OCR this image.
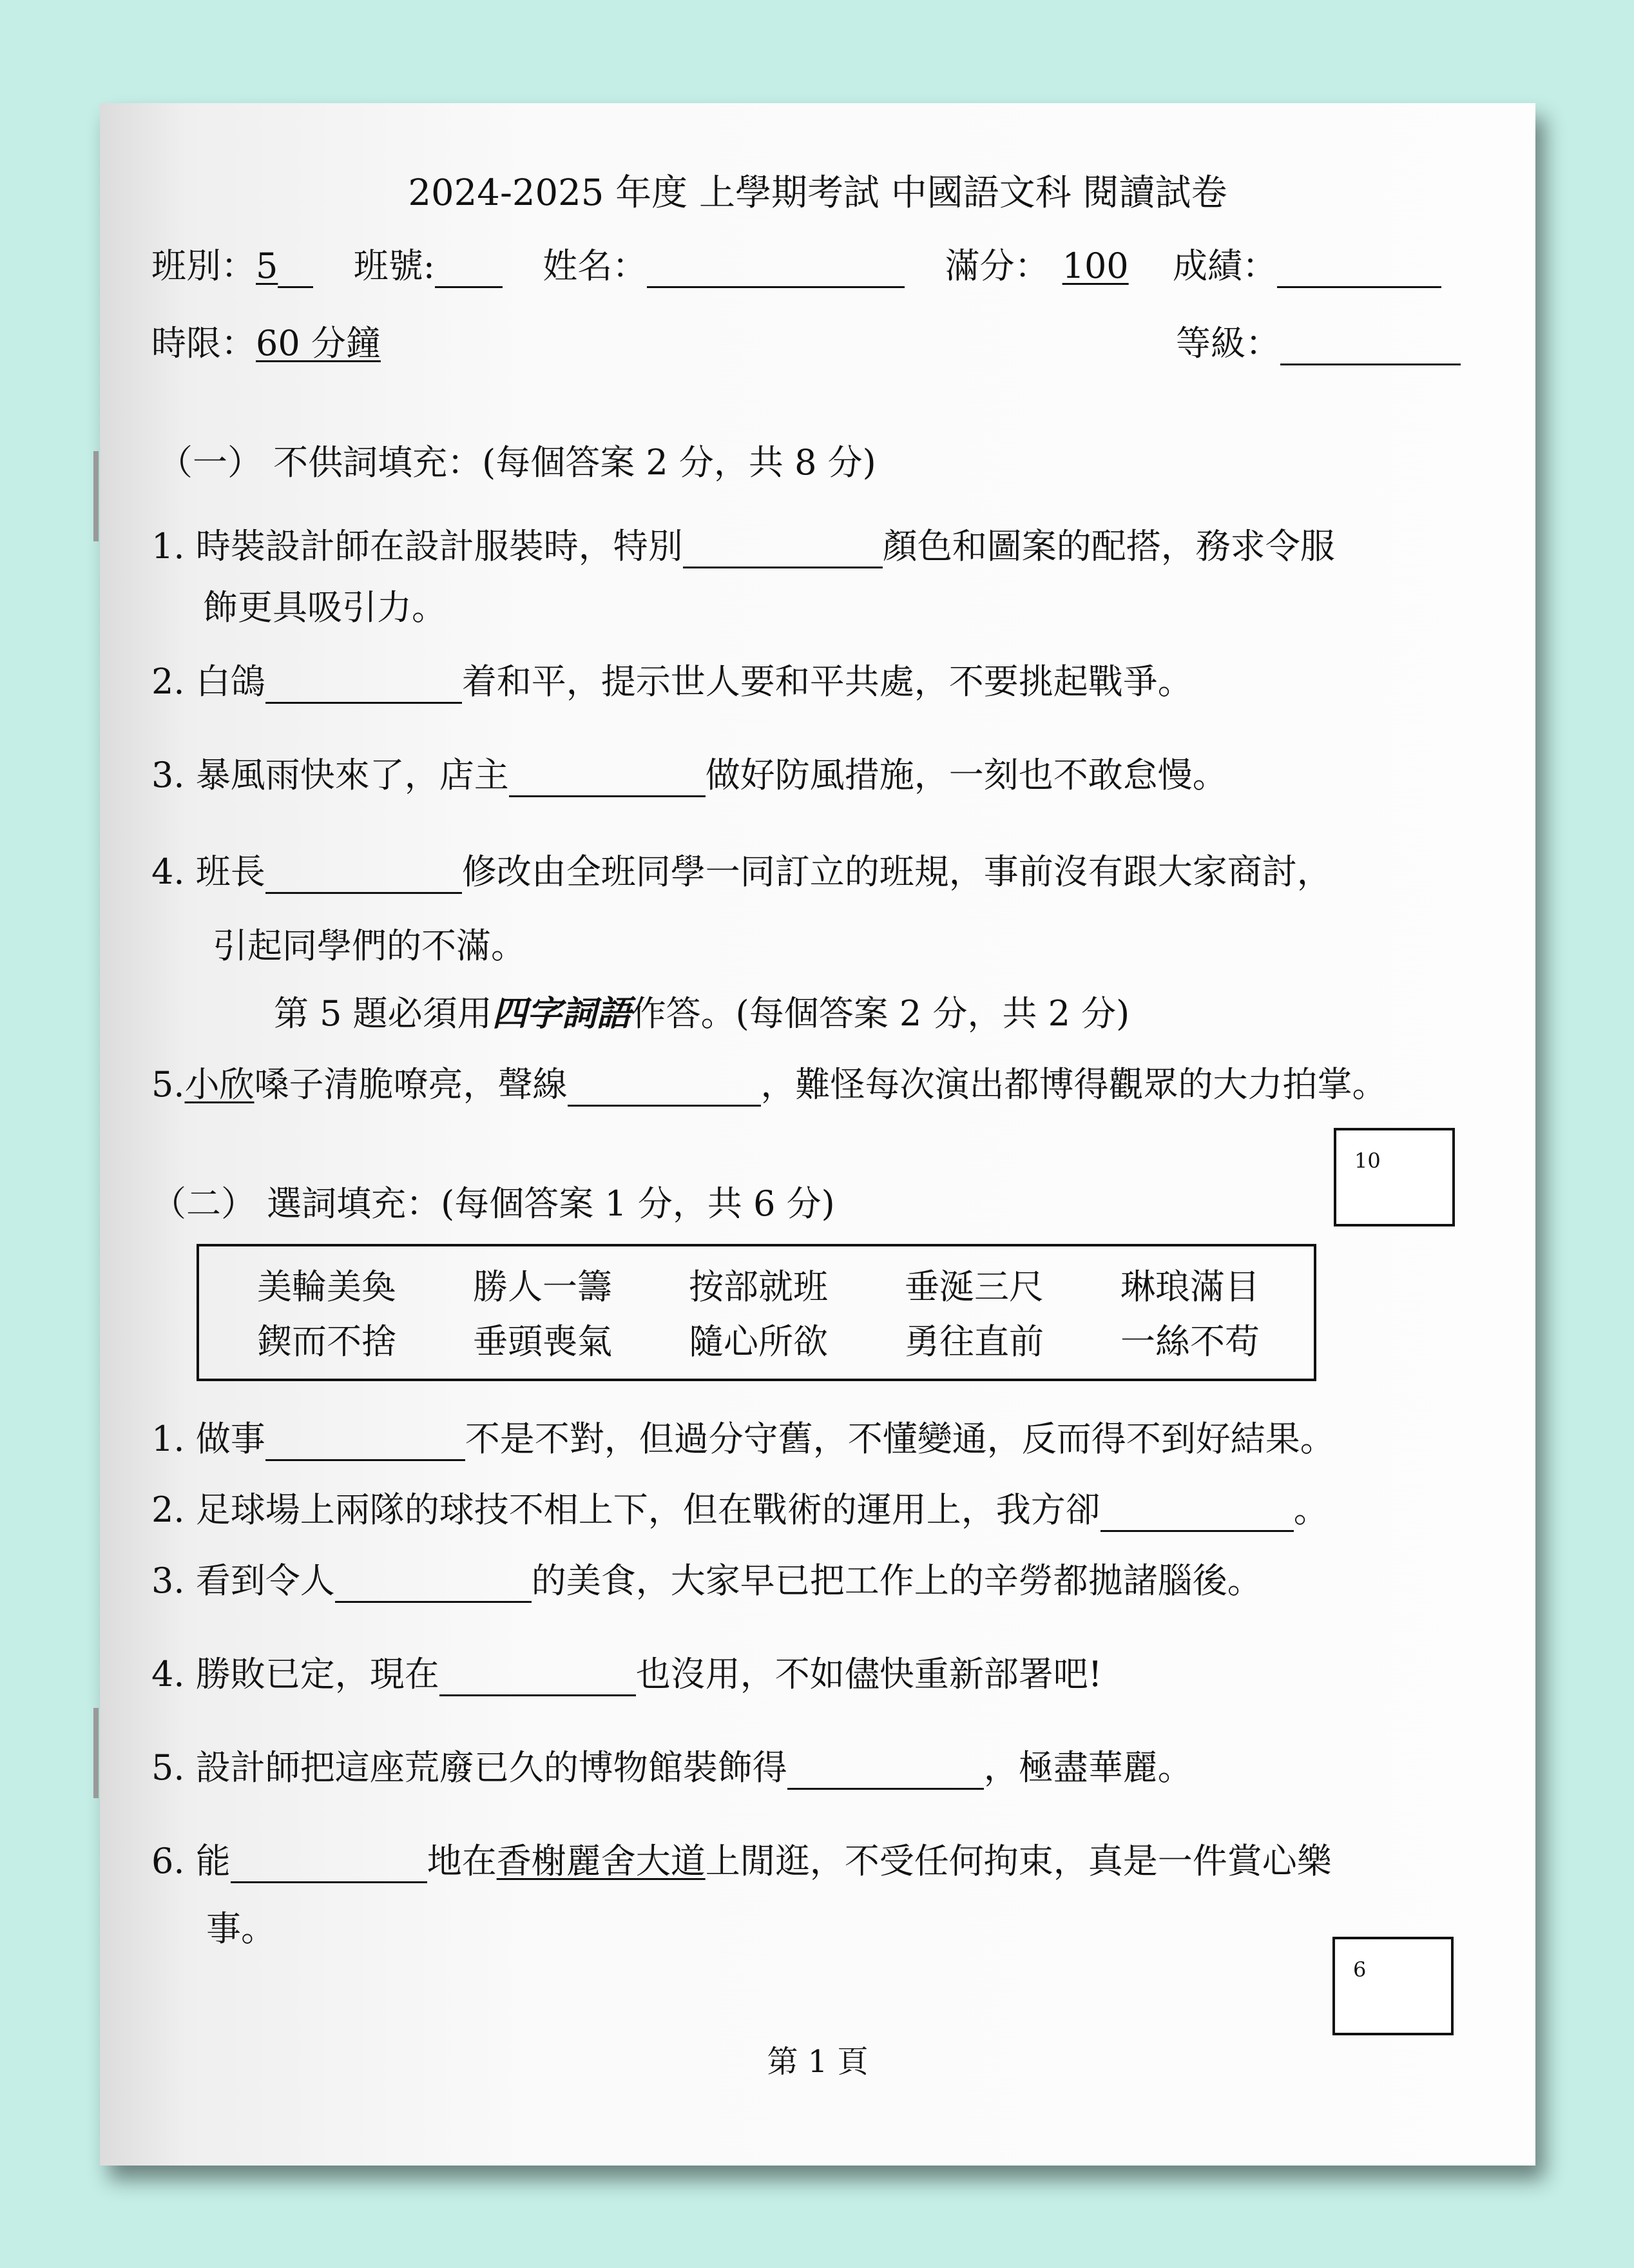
2024-2025 年度 上學期考試 中國語文科 閱讀試卷
班別：5 班號:	姓名：	滿分： 100 成績：
時限：60 分鐘	等級：
（一） 不供詞填充：(每個答案 2 分，共 8 分)
1. 時裝設計師在設計服裝時，特別	顏色和圖案的配搭，務求令服
飾更具吸引力。
2. 白鴿	着和平，提示世人要和平共處，不要挑起戰爭。
3. 暴風雨快來了，店主	做好防風措施，一刻也不敢怠慢。
4. 班長	修改由全班同學一同訂立的班規，事前沒有跟大家商討，
引起同學們的不滿。
第 5 題必須用四字詞語作答。(每個答案 2 分，共 2 分)
5.小欣嗓子清脆嘹亮，聲線	，難怪每次演出都博得觀眾的大力拍掌。
10
（二） 選詞填充：(每個答案 1 分，共 6 分)
美輪美奐 勝人一籌 按部就班 垂涎三尺 琳琅滿目
鍥而不捨 垂頭喪氣 隨心所欲 勇往直前 一絲不苟
1. 做事	不是不對，但過分守舊，不懂變通，反而得不到好結果。
2. 足球場上兩隊的球技不相上下，但在戰術的運用上，我方卻	。
3. 看到令人	的美食，大家早已把工作上的辛勞都拋諸腦後。
4. 勝敗已定，現在	也沒用，不如儘快重新部署吧!
5. 設計師把這座荒廢已久的博物館裝飾得	，極盡華麗。
6. 能	地在香榭麗舍大道上閒逛，不受任何拘束，真是一件賞心樂
事。
6
第 1 頁
